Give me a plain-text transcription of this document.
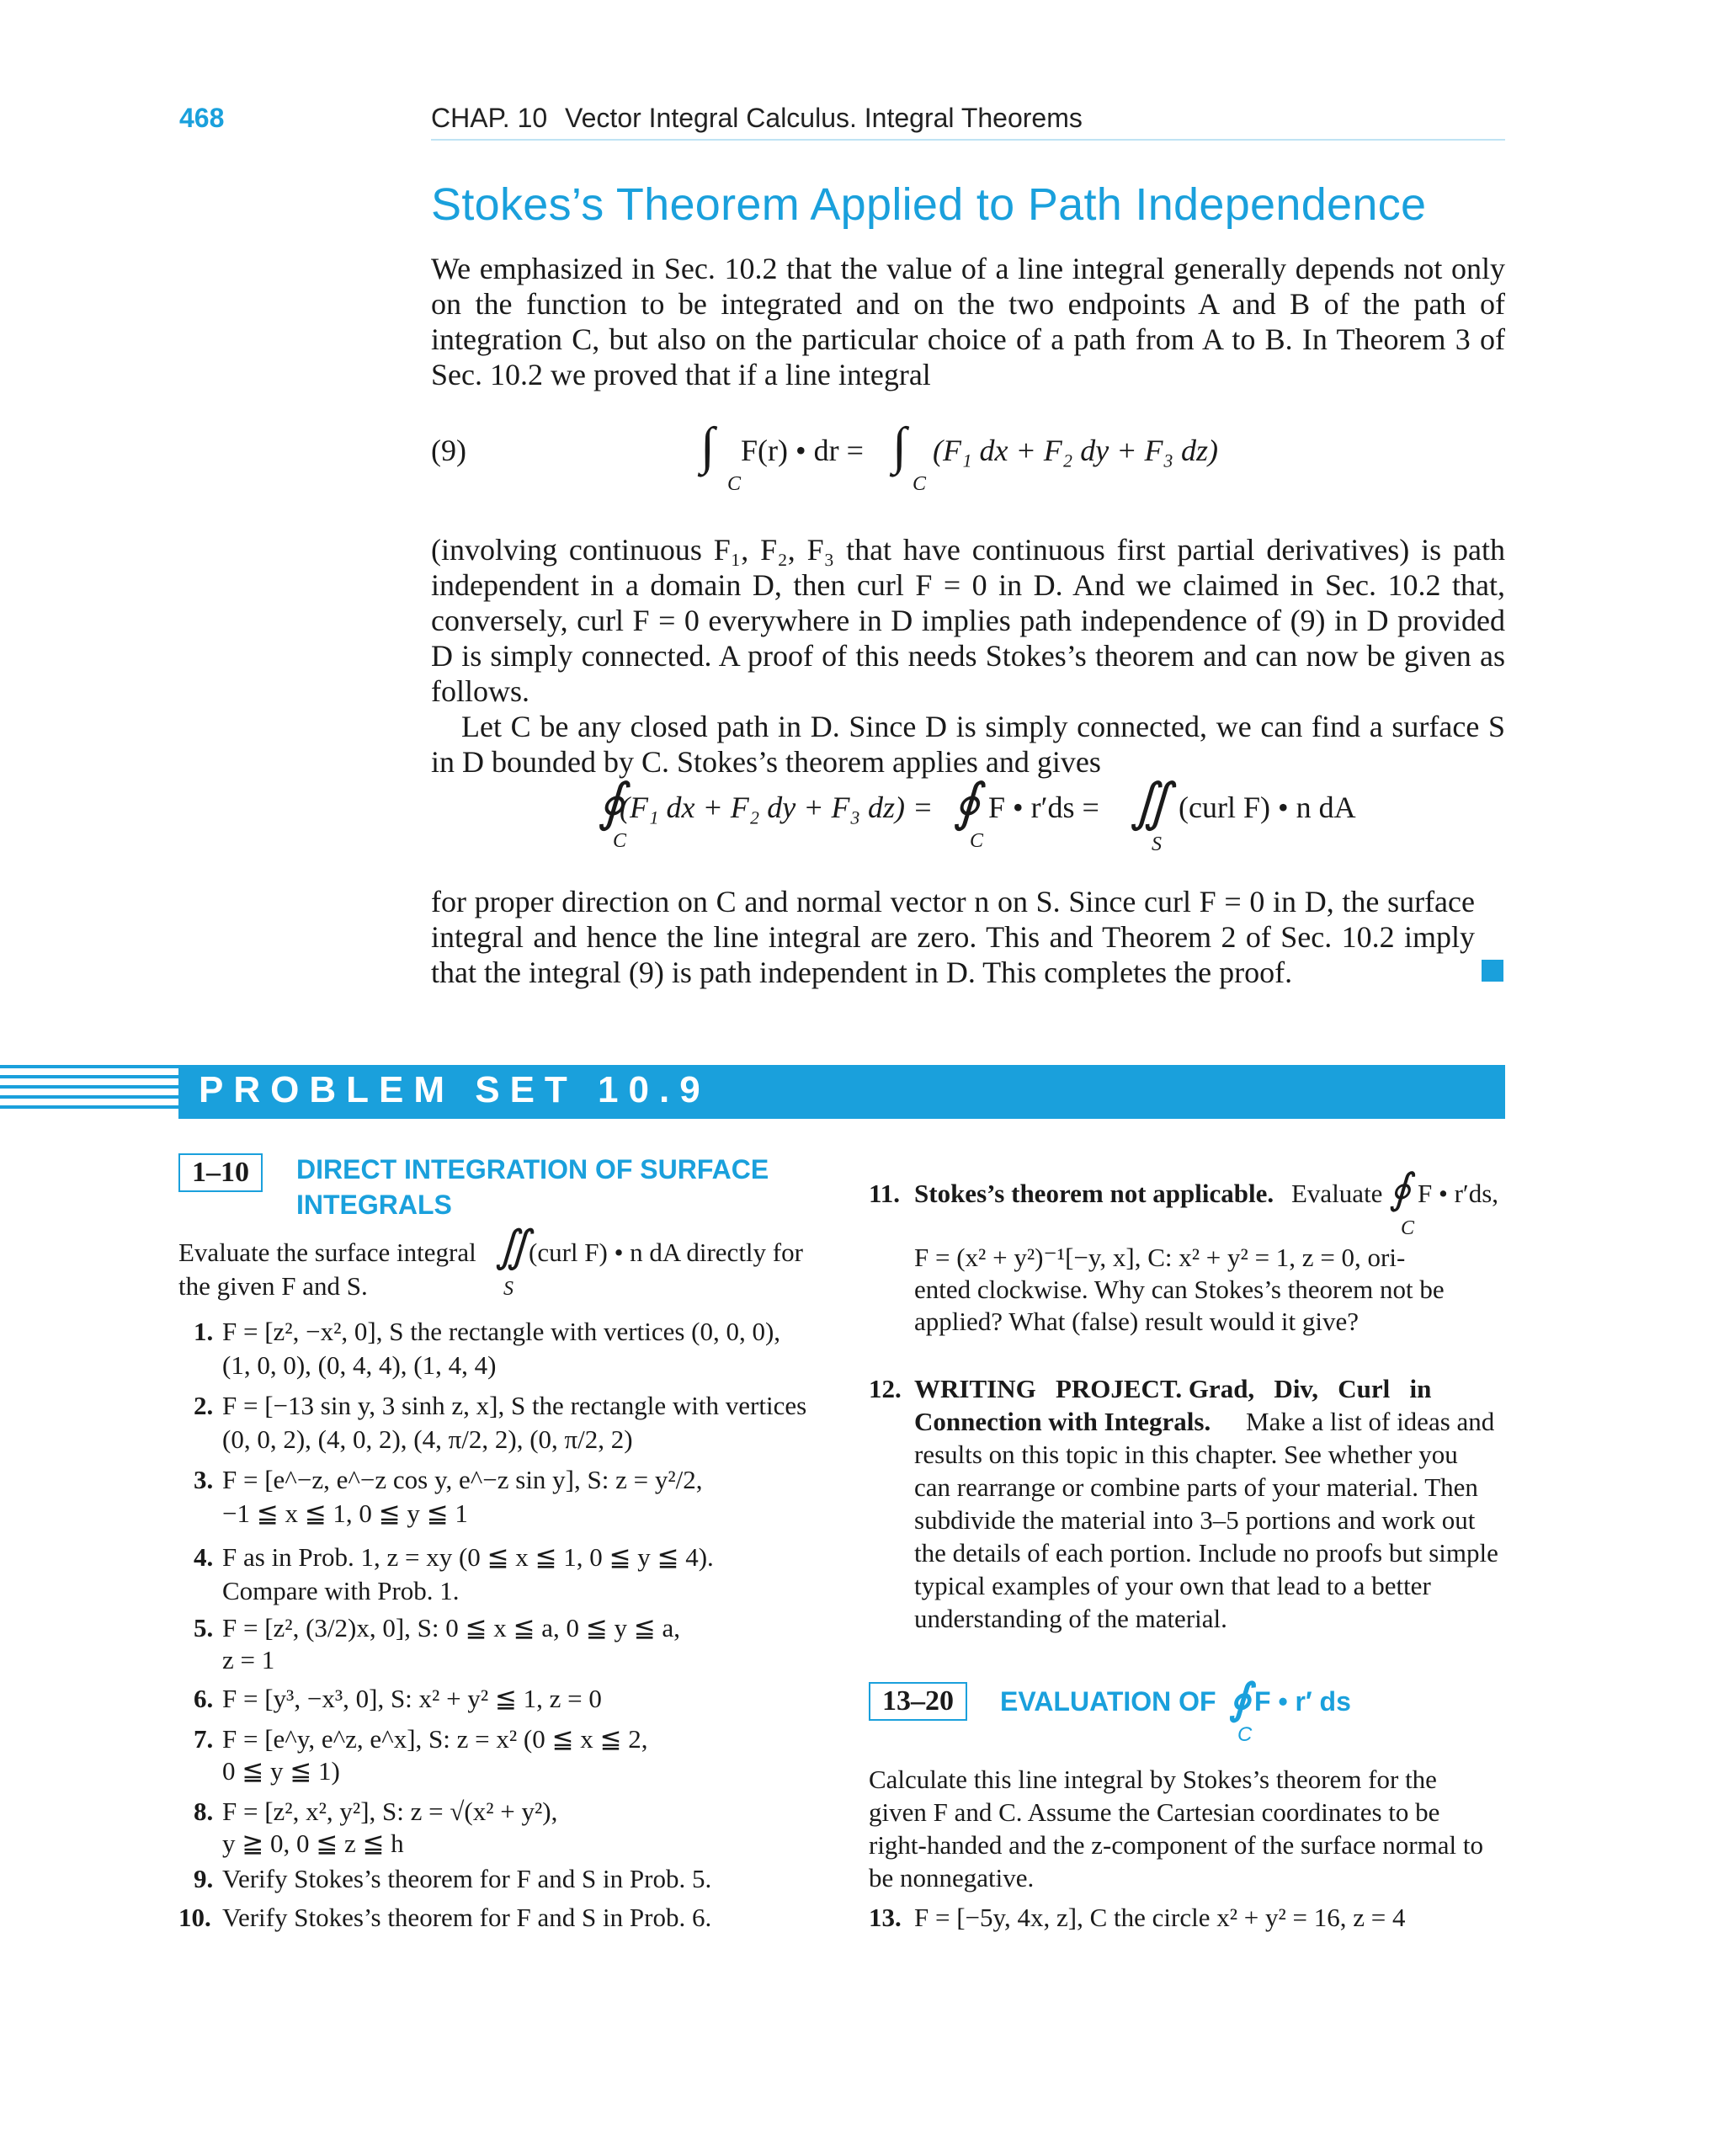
468	CHAP. 10 Vector Integral Calculus. Integral Theorems
Stokes’s Theorem Applied to Path Independence

We emphasized in Sec. 10.2 that the value of a line integral generally depends not only on the function to be integrated and on the two endpoints A and B of the path of integration C, but also on the particular choice of a path from A to B. In Theorem 3 of Sec. 10.2 we proved that if a line integral

(9)	∫ F(r) • dr = ∫ (F₁ dx + F₂ dy + F₃ dz)
C	C

(involving continuous F₁, F₂, F₃ that have continuous first partial derivatives) is path independent in a domain D, then curl F = 0 in D. And we claimed in Sec. 10.2 that, conversely, curl F = 0 everywhere in D implies path independence of (9) in D provided D is simply connected. A proof of this needs Stokes’s theorem and can now be given as follows.

Let C be any closed path in D. Since D is simply connected, we can find a surface S in D bounded by C. Stokes’s theorem applies and gives

∮
(F₁ dx + F₂ dy + F₃ dz) = ∮ F • r′ds = ∬ (curl F) • n dA
C	C	S

for proper direction on C and normal vector n on S. Since curl F = 0 in D, the surface integral and hence the line integral are zero. This and Theorem 2 of Sec. 10.2 imply that the integral (9) is path independent in D. This completes the proof.

PROBLEM SET 10.9
1–10	DIRECT INTEGRATION OF SURFACE
INTEGRALS
Evaluate the surface integral ∬
(curl F) • n dA directly for
S
the given F and S.
1. F = [z², −x², 0], S the rectangle with vertices (0, 0, 0),
(1, 0, 0), (0, 4, 4), (1, 4, 4)
2. F = [−13 sin y, 3 sinh z, x], S the rectangle with vertices
(0, 0, 2), (4, 0, 2), (4, π/2, 2), (0, π/2, 2)
3. F = [e^−z, e^−z cos y, e^−z sin y], S: z = y²/2,
−1 ≦ x ≦ 1, 0 ≦ y ≦ 1
4. F as in Prob. 1, z = xy (0 ≦ x ≦ 1, 0 ≦ y ≦ 4).
Compare with Prob. 1.
5. F = [z², (3/2)x, 0], S: 0 ≦ x ≦ a, 0 ≦ y ≦ a,
z = 1
6. F = [y³, −x³, 0], S: x² + y² ≦ 1, z = 0
7. F = [e^y, e^z, e^x], S: z = x² (0 ≦ x ≦ 2,
0 ≦ y ≦ 1)
8. F = [z², x², y²], S: z = √(x² + y²),
y ≧ 0, 0 ≦ z ≦ h
9. Verify Stokes’s theorem for F and S in Prob. 5.
10. Verify Stokes’s theorem for F and S in Prob. 6.
11. Stokes’s theorem not applicable. Evaluate ∮ F • r′ds,
C
F = (x² + y²)⁻¹[−y, x], C: x² + y² = 1, z = 0, ori-
ented clockwise. Why can Stokes’s theorem not be
applied? What (false) result would it give?
12. WRITING   PROJECT. Grad,   Div,   Curl   in
Connection with Integrals. Make a list of ideas and
results on this topic in this chapter. See whether you
can rearrange or combine parts of your material. Then
subdivide the material into 3–5 portions and work out
the details of each portion. Include no proofs but simple
typical examples of your own that lead to a better
understanding of the material.
13–20	EVALUATION OF ∮ F • r′ ds
C
Calculate this line integral by Stokes’s theorem for the
given F and C. Assume the Cartesian coordinates to be
right-handed and the z-component of the surface normal to
be nonnegative.
13. F = [−5y, 4x, z], C the circle x² + y² = 16, z = 4
